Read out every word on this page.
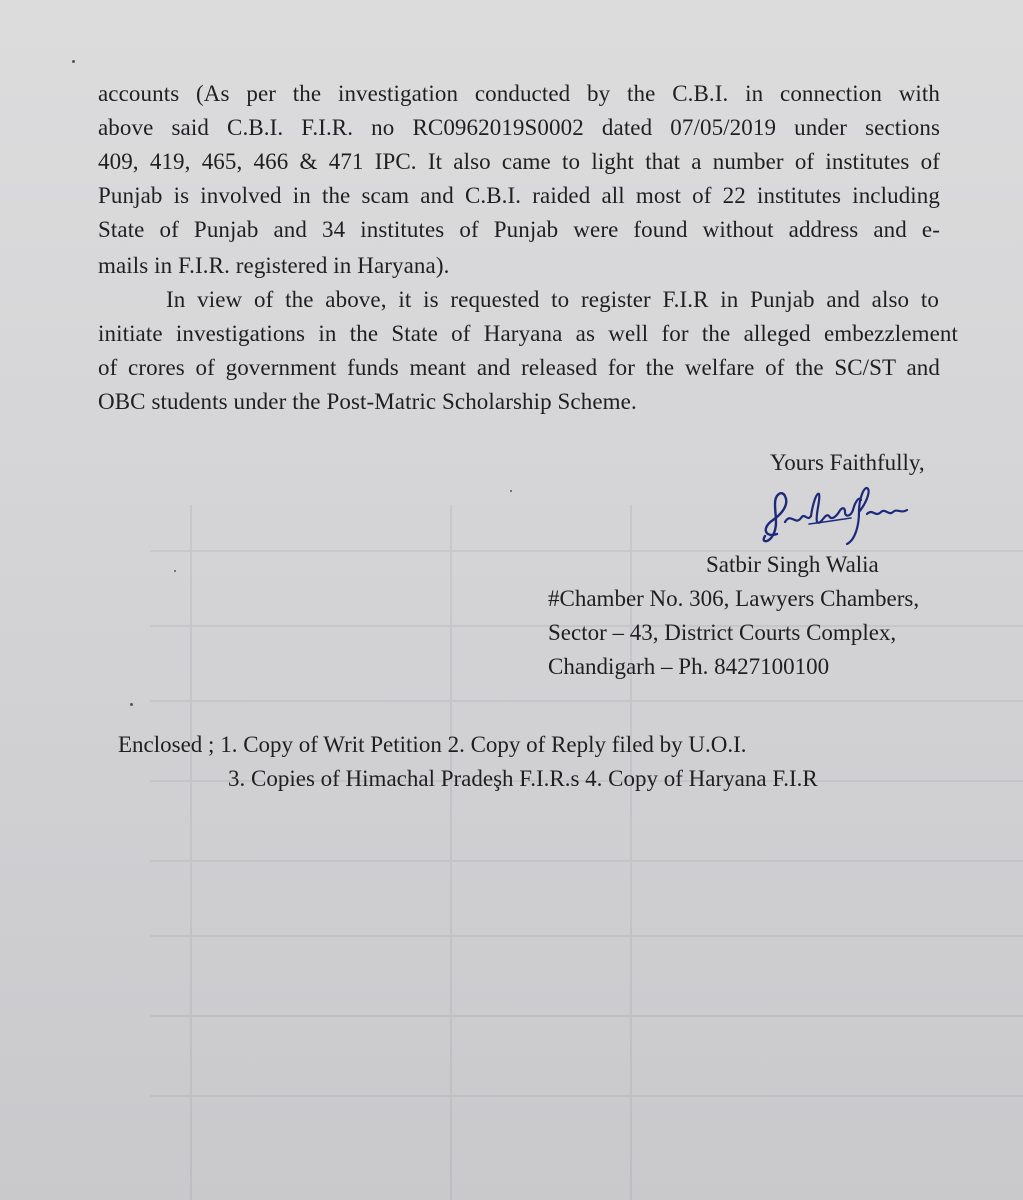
accounts (As per the investigation conducted by the C.B.I. in connection with
above said C.B.I. F.I.R. no RC0962019S0002 dated 07/05/2019 under sections
409, 419, 465, 466 & 471 IPC. It also came to light that a number of institutes of
Punjab is involved in the scam and C.B.I. raided all most of 22 institutes including
State of Punjab and 34 institutes of Punjab were found without address and e-
mails in F.I.R. registered in Haryana).
In view of the above, it is requested to register F.I.R in Punjab and also to
initiate investigations in the State of Haryana as well for the alleged embezzlement
of crores of government funds meant and released for the welfare of the SC/ST and
OBC students under the Post-Matric Scholarship Scheme.
Yours Faithfully,
Satbir Singh Walia
#Chamber No. 306, Lawyers Chambers,
Sector – 43, District Courts Complex,
Chandigarh – Ph. 8427100100
Enclosed ; 1. Copy of Writ Petition 2. Copy of Reply filed by U.O.I.
3. Copies of Himachal Pradeşh F.I.R.s 4. Copy of Haryana F.I.R
